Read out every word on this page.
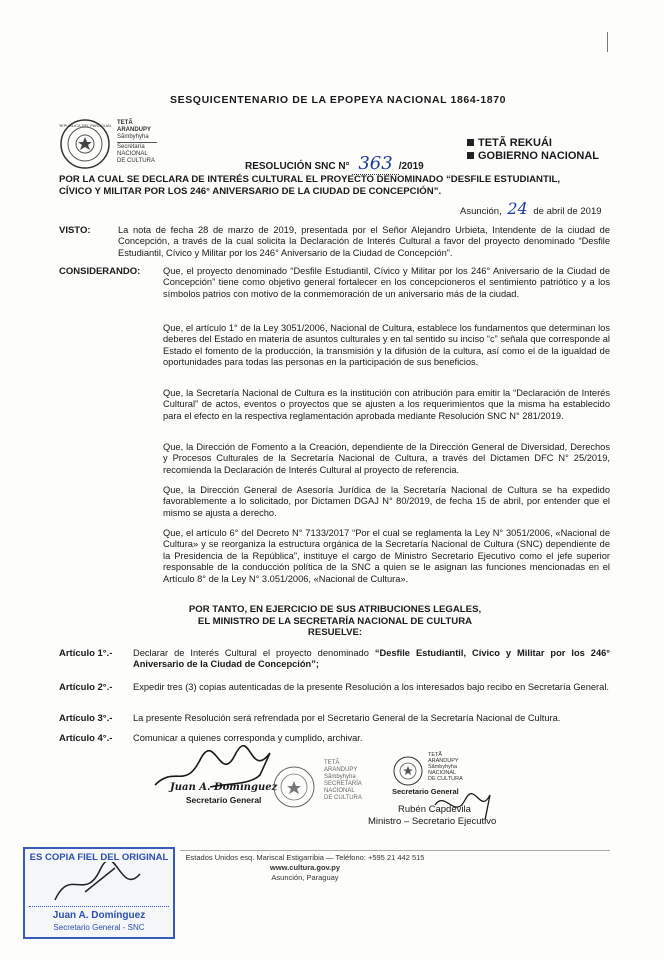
SESQUICENTENARIO DE LA EPOPEYA NACIONAL 1864-1870
REPUBLICA DEL PARAGUAY TETÃ
ARANDUPY
Sãmbyhyha
Secretaría
NACIONAL
DE CULTURA
TETÃ REKUÁI
GOBIERNO NACIONAL
RESOLUCIÓN SNC N° 363 /2019
POR LA CUAL SE DECLARA DE INTERÉS CULTURAL EL PROYECTO DENOMINADO “DESFILE ESTUDIANTIL,
CÍVICO Y MILITAR POR LOS 246° ANIVERSARIO DE LA CIUDAD DE CONCEPCIÓN”.
Asunción, 24 de abril de 2019
VISTO:	La nota de fecha 28 de marzo de 2019, presentada por el Señor Alejandro Urbieta, Intendente de la ciudad de Concepción, a través de la cual solicita la Declaración de Interés Cultural a favor del proyecto denominado “Desfile Estudiantil, Cívico y Militar por los 246° Aniversario de la Ciudad de Concepción”.

CONSIDERANDO: Que, el proyecto denominado “Desfile Estudiantil, Cívico y Militar por los 246° Aniversario de la Ciudad de Concepción” tiene como objetivo general fortalecer en los concepcioneros el sentimiento patriótico y a los símbolos patrios con motivo de la conmemoración de un aniversario más de la ciudad.

Que, el artículo 1° de la Ley 3051/2006, Nacional de Cultura, establece los fundamentos que determinan los deberes del Estado en materia de asuntos culturales y en tal sentido su inciso “c” señala que corresponde al Estado el fomento de la producción, la transmisión y la difusión de la cultura, así como el de la igualdad de oportunidades para todas las personas en la participación de sus beneficios.

Que, la Secretaría Nacional de Cultura es la institución con atribución para emitir la “Declaración de Interés Cultural” de actos, eventos o proyectos que se ajusten a los requerimientos que la misma ha establecido para el efecto en la respectiva reglamentación aprobada mediante Resolución SNC N° 281/2019.

Que, la Dirección de Fomento a la Creación, dependiente de la Dirección General de Diversidad, Derechos y Procesos Culturales de la Secretaría Nacional de Cultura, a través del Dictamen DFC N° 25/2019, recomienda la Declaración de Interés Cultural al proyecto de referencia.

Que, la Dirección General de Asesoría Jurídica de la Secretaría Nacional de Cultura se ha expedido favorablemente a lo solicitado, por Dictamen DGAJ N° 80/2019, de fecha 15 de abril, por entender que el mismo se ajusta a derecho.

Que, el artículo 6° del Decreto N° 7133/2017 “Por el cual se reglamenta la Ley N° 3051/2006, «Nacional de Cultura» y se reorganiza la estructura orgánica de la Secretaría Nacional de Cultura (SNC) dependiente de la Presidencia de la República”, instituye el cargo de Ministro Secretario Ejecutivo como el jefe superior responsable de la conducción política de la SNC a quien se le asignan las funciones mencionadas en el Artículo 8° de la Ley N° 3.051/2006, «Nacional de Cultura».

POR TANTO, EN EJERCICIO DE SUS ATRIBUCIONES LEGALES,
EL MINISTRO DE LA SECRETARÍA NACIONAL DE CULTURA
RESUELVE:
Artículo 1°.- Declarar de Interés Cultural el proyecto denominado “Desfile Estudiantil, Cívico y Militar por los 246° Aniversario de la Ciudad de Concepción”;

Artículo 2°.- Expedir tres (3) copias autenticadas de la presente Resolución a los interesados bajo recibo en Secretaría General.

Artículo 3°.- La presente Resolución será refrendada por el Secretario General de la Secretaría Nacional de Cultura.

Artículo 4°.- Comunicar a quienes corresponda y cumplido, archivar.

Juan A. Domínguez
Secretario General
TETÃ
ARANDUPY
Sãmbyhyha
SECRETARÍA
NACIONAL
DE CULTURA
TETÃ
ARANDUPY
Sãmbyhyha
NACIONAL
DE CULTURA
Secretario General
Rubén Capdevila
Ministro – Secretario Ejecutivo
ES COPIA FIEL DEL ORIGINAL
Juan A. Domínguez
Secretario General - SNC
Estados Unidos esq. Mariscal Estigarribia — Teléfono: +595 21 442 515
www.cultura.gov.py
Asunción, Paraguay
